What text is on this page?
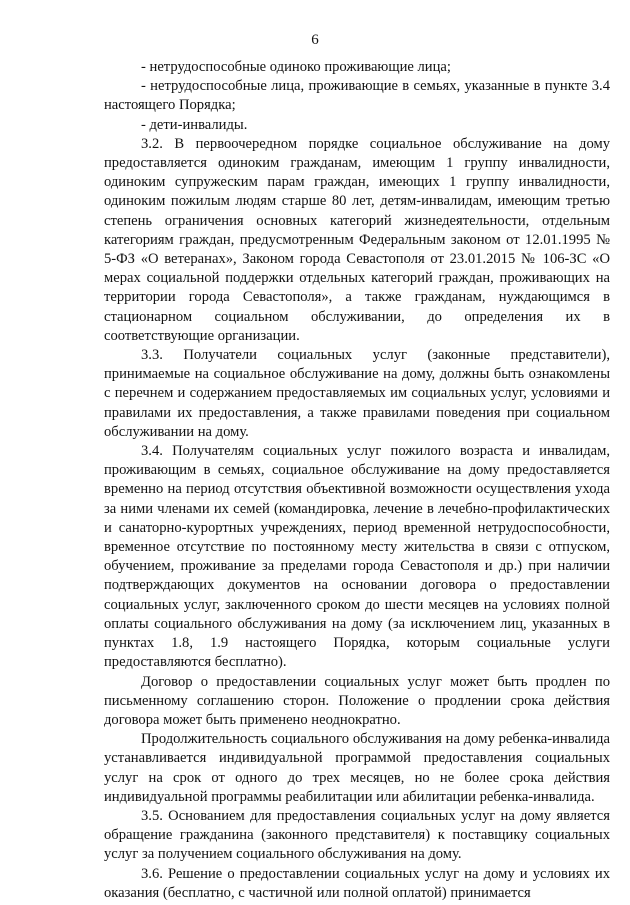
6

- нетрудоспособные одиноко проживающие лица;

- нетрудоспособные лица, проживающие в семьях, указанные в пункте 3.4 настоящего Порядка;

- дети-инвалиды.

3.2. В первоочередном порядке социальное обслуживание на дому предоставляется одиноким гражданам, имеющим 1 группу инвалидности, одиноким супружеским парам граждан, имеющих 1 группу инвалидности, одиноким пожилым людям старше 80 лет, детям-инвалидам, имеющим третью степень ограничения основных категорий жизнедеятельности, отдельным категориям граждан, предусмотренным Федеральным законом от 12.01.1995 № 5-ФЗ «О ветеранах», Законом города Севастополя от 23.01.2015 № 106-ЗС «О мерах социальной поддержки отдельных категорий граждан, проживающих на территории города Севастополя», а также гражданам, нуждающимся в стационарном социальном обслуживании, до определения их в соответствующие организации.

3.3. Получатели социальных услуг (законные представители), принимаемые на социальное обслуживание на дому, должны быть ознакомлены с перечнем и содержанием предоставляемых им социальных услуг, условиями и правилами их предоставления, а также правилами поведения при социальном обслуживании на дому.

3.4. Получателям социальных услуг пожилого возраста и инвалидам, проживающим в семьях, социальное обслуживание на дому предоставляется временно на период отсутствия объективной возможности осуществления ухода за ними членами их семей (командировка, лечение в лечебно-профилактических и санаторно-курортных учреждениях, период временной нетрудоспособности, временное отсутствие по постоянному месту жительства в связи с отпуском, обучением, проживание за пределами города Севастополя и др.) при наличии подтверждающих документов на основании договора о предоставлении социальных услуг, заключенного сроком до шести месяцев на условиях полной оплаты социального обслуживания на дому (за исключением лиц, указанных в пунктах 1.8, 1.9 настоящего Порядка, которым социальные услуги предоставляются бесплатно).

Договор о предоставлении социальных услуг может быть продлен по письменному соглашению сторон. Положение о продлении срока действия договора может быть применено неоднократно.

Продолжительность социального обслуживания на дому ребенка-инвалида устанавливается индивидуальной программой предоставления социальных услуг на срок от одного до трех месяцев, но не более срока действия индивидуальной программы реабилитации или абилитации ребенка-инвалида.

3.5. Основанием для предоставления социальных услуг на дому является обращение гражданина (законного представителя) к поставщику социальных услуг за получением социального обслуживания на дому.

3.6. Решение о предоставлении социальных услуг на дому и условиях их оказания (бесплатно, с частичной или полной оплатой) принимается
